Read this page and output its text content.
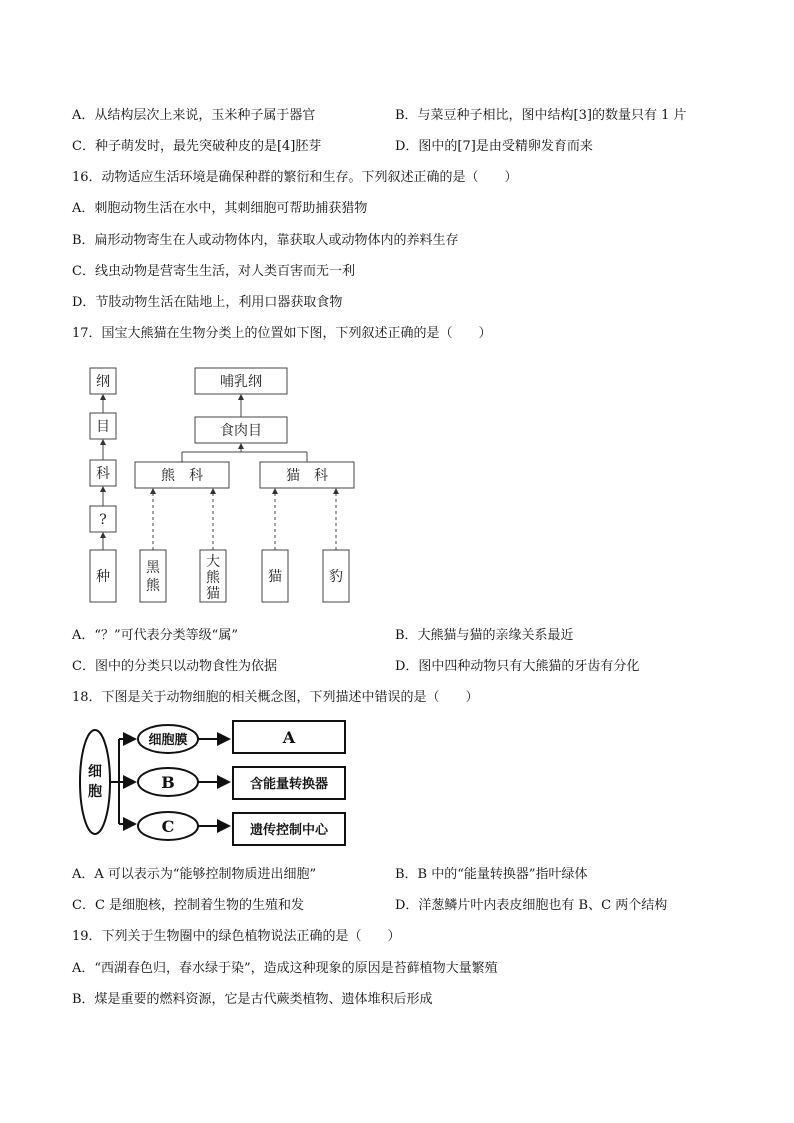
A．从结构层次上来说，玉米种子属于器官	B．与菜豆种子相比，图中结构[3]的数量只有 1 片
C．种子萌发时，最先突破种皮的是[4]胚芽	D．图中的[7]是由受精卵发育而来
16．动物适应生活环境是确保种群的繁衍和生存。下列叙述正确的是（　　）
A．刺胞动物生活在水中，其刺细胞可帮助捕获猎物
B．扁形动物寄生在人或动物体内，靠获取人或动物体内的养料生存
C．线虫动物是营寄生生活，对人类百害而无一利
D．节肢动物生活在陆地上，利用口器获取食物
17．国宝大熊猫在生物分类上的位置如下图，下列叙述正确的是（　　）
纲
目
科
?
种
哺乳纲
食肉目
熊　科	猫　科
黑
熊
大
熊
猫
猫	豹
A．“？”可代表分类等级“属”	B．大熊猫与猫的亲缘关系最近
C．图中的分类只以动物食性为依据	D．图中四种动物只有大熊猫的牙齿有分化
18．下图是关于动物细胞的相关概念图，下列描述中错误的是（　　）
细
胞
细胞膜
B
C
A
含能量转换器
遗传控制中心
A．A 可以表示为“能够控制物质进出细胞”	B．B 中的“能量转换器”指叶绿体
C．C 是细胞核，控制着生物的生殖和发	D．洋葱鳞片叶内表皮细胞也有 B、C 两个结构
19．下列关于生物圈中的绿色植物说法正确的是（　　）
A．“西湖春色归，春水绿于染”，造成这种现象的原因是苔藓植物大量繁殖
B．煤是重要的燃料资源，它是古代蕨类植物、遗体堆积后形成
